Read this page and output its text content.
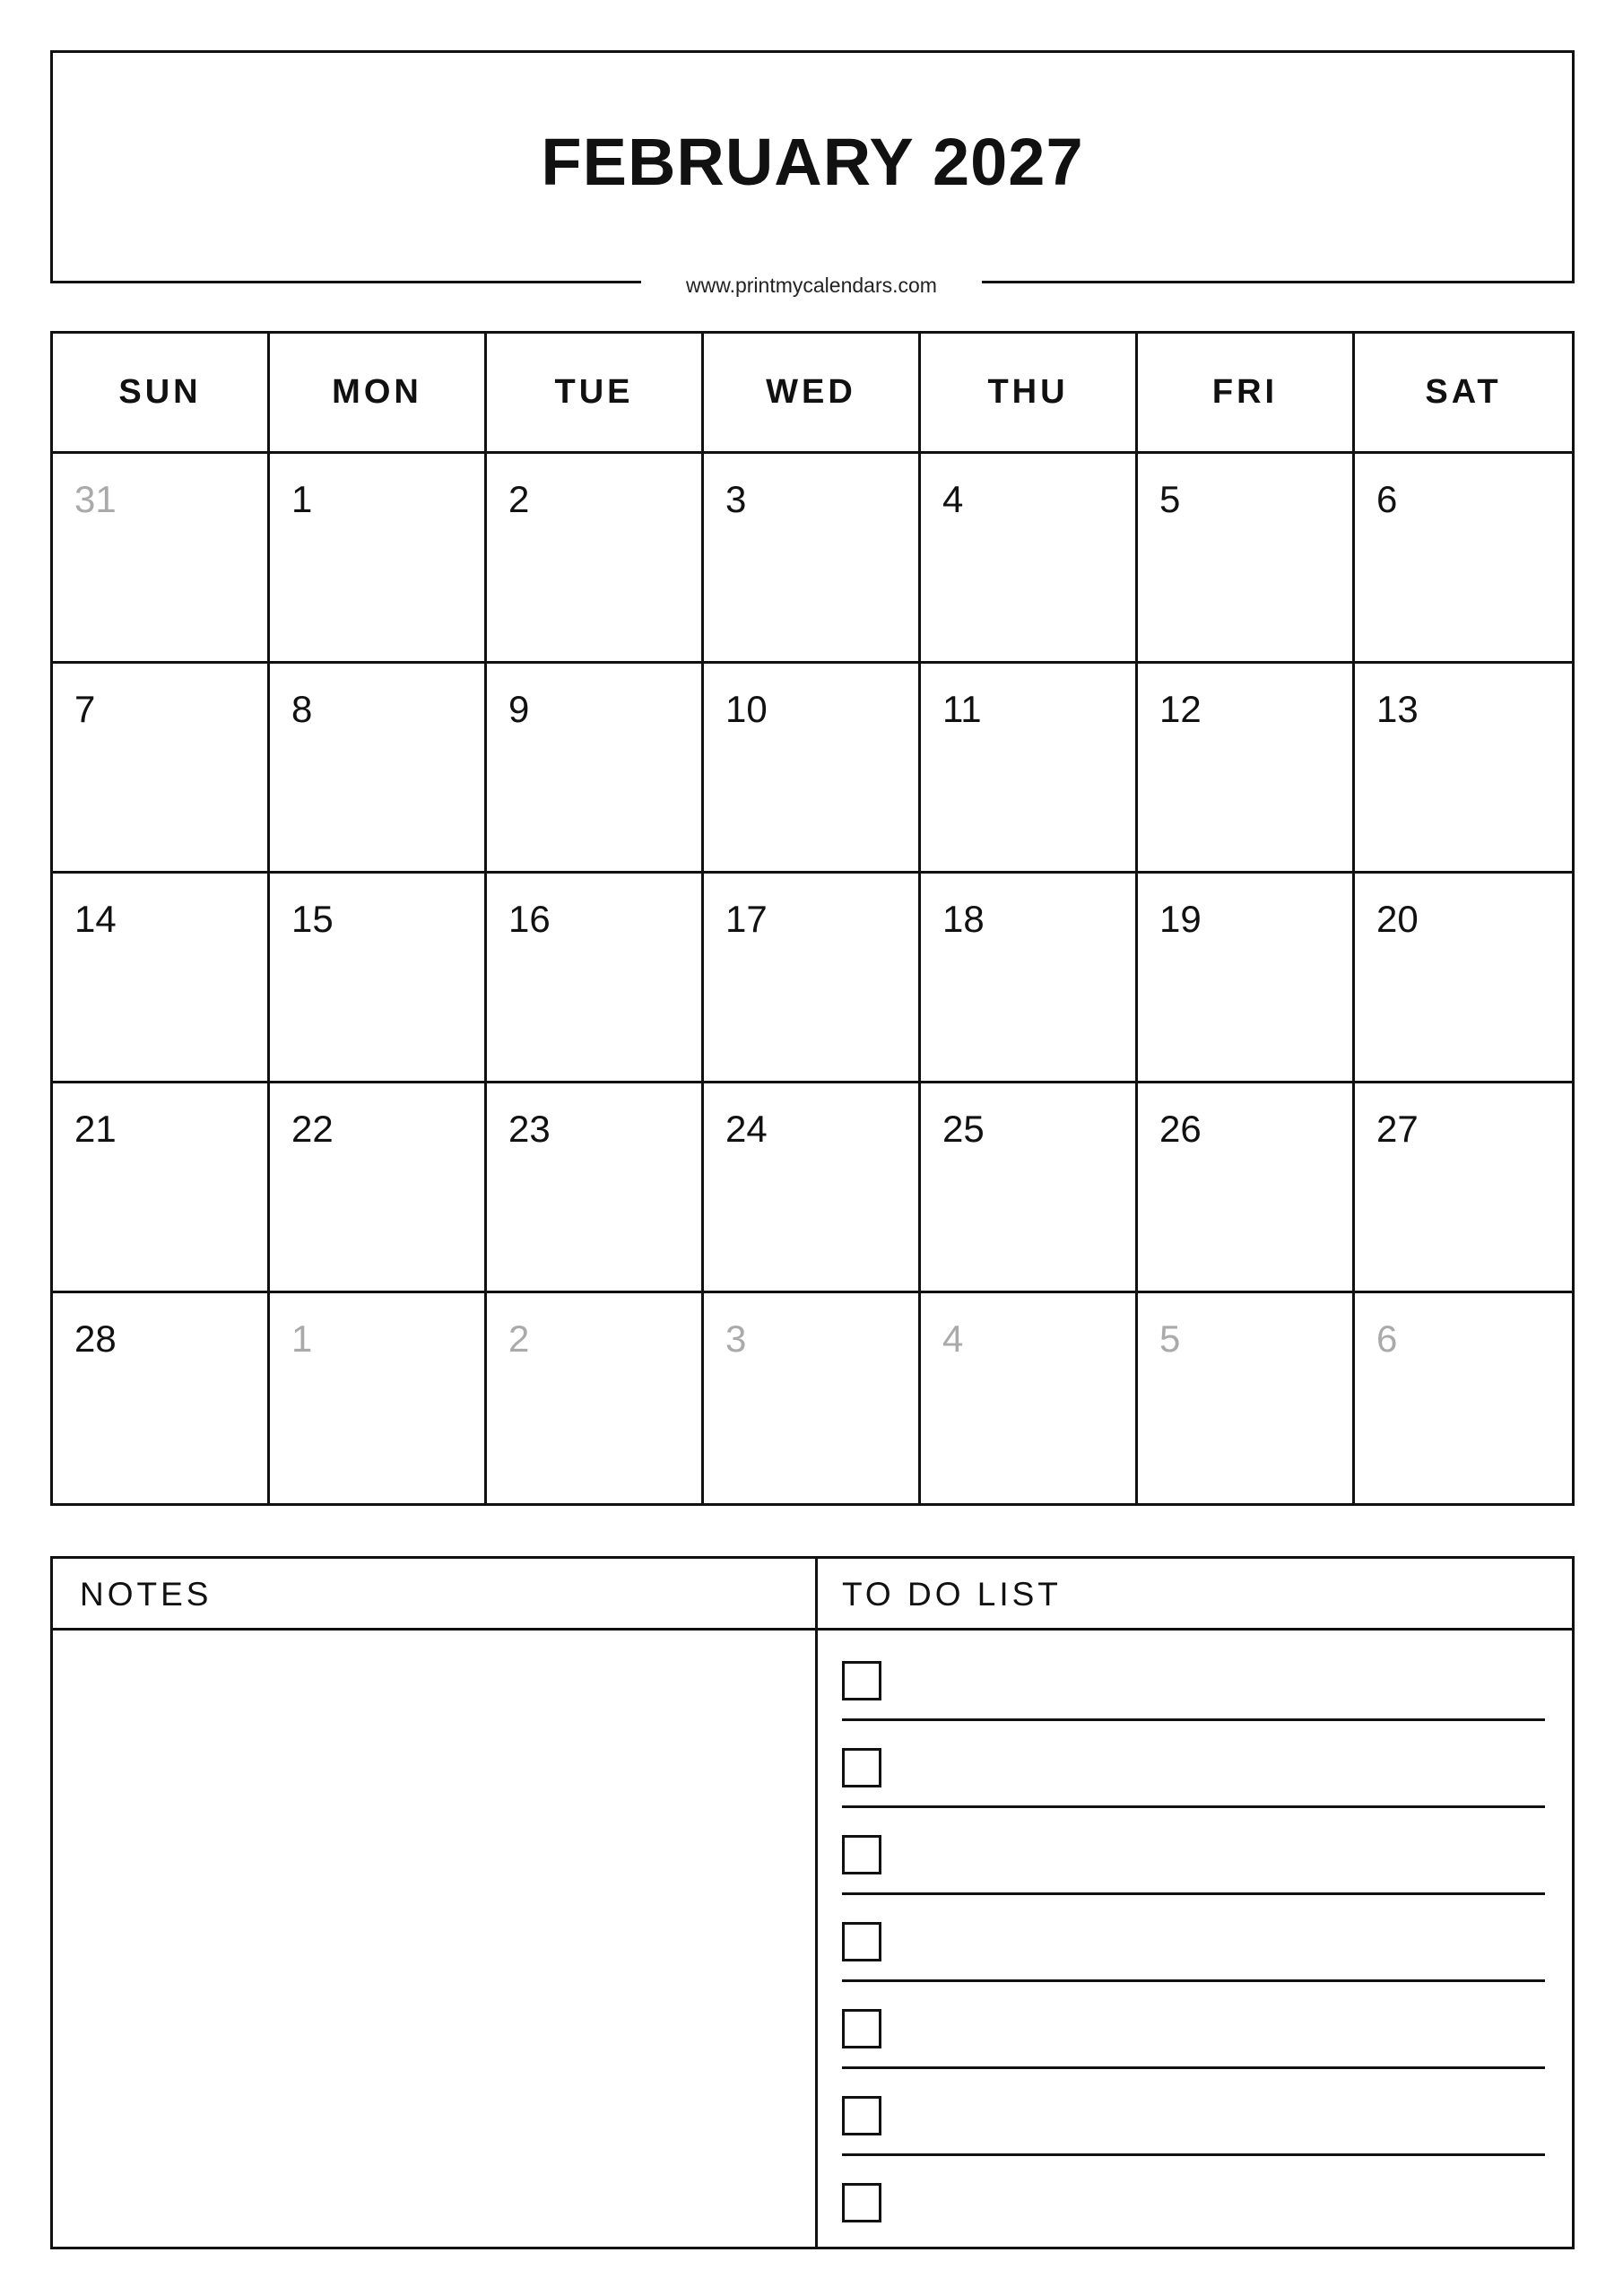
FEBRUARY 2027
www.printmycalendars.com
SUN	MON	TUE	WED	THU	FRI	SAT
31	1	2	3	4	5	6
7	8	9	10	11	12	13
14	15	16	17	18	19	20
21	22	23	24	25	26	27
28	1	2	3	4	5	6
NOTES	TO DO LIST
